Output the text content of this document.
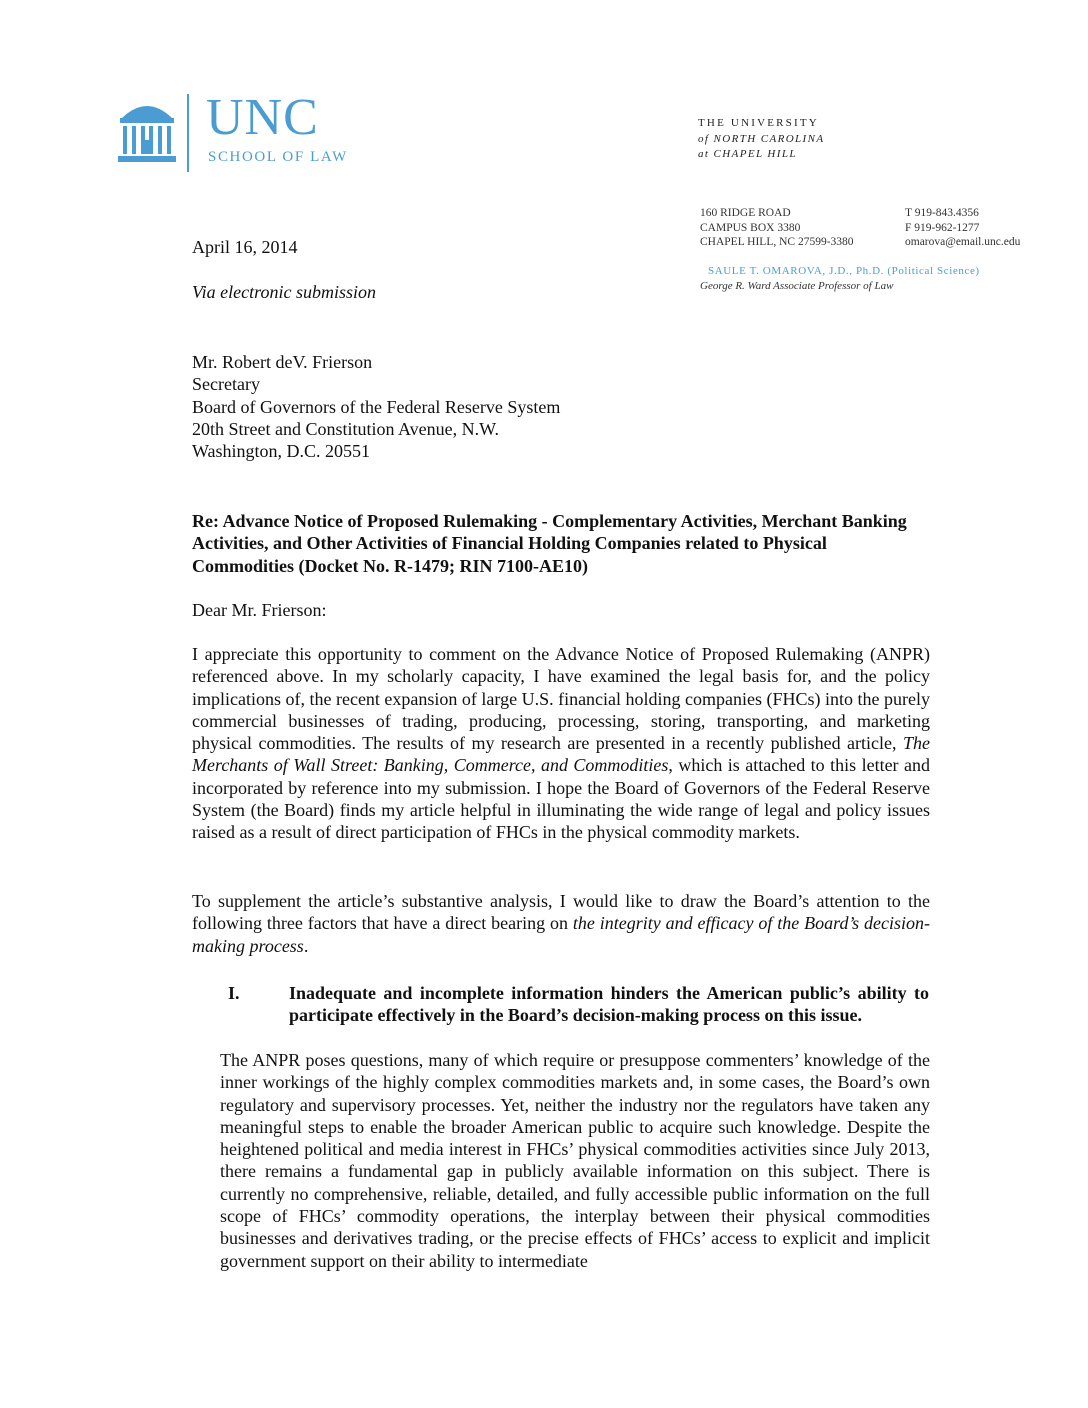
UNC
SCHOOL OF LAW
THE UNIVERSITY
of NORTH CAROLINA
at CHAPEL HILL
160 RIDGE ROAD
CAMPUS BOX 3380
CHAPEL HILL, NC 27599-3380
T 919-843.4356
F 919-962-1277
omarova@email.unc.edu
SAULE T. OMAROVA, J.D., Ph.D. (Political Science)
George R. Ward Associate Professor of Law
April 16, 2014
Via electronic submission
Mr. Robert deV. Frierson
Secretary
Board of Governors of the Federal Reserve System
20th Street and Constitution Avenue, N.W.
Washington, D.C. 20551
Re: Advance Notice of Proposed Rulemaking - Complementary Activities, Merchant Banking Activities, and Other Activities of Financial Holding Companies related to Physical Commodities (Docket No. R-1479; RIN 7100-AE10)
Dear Mr. Frierson:
I appreciate this opportunity to comment on the Advance Notice of Proposed Rulemaking (ANPR) referenced above. In my scholarly capacity, I have examined the legal basis for, and the policy implications of, the recent expansion of large U.S. financial holding companies (FHCs) into the purely commercial businesses of trading, producing, processing, storing, transporting, and marketing physical commodities. The results of my research are presented in a recently published article, The Merchants of Wall Street: Banking, Commerce, and Commodities, which is attached to this letter and incorporated by reference into my submission. I hope the Board of Governors of the Federal Reserve System (the Board) finds my article helpful in illuminating the wide range of legal and policy issues raised as a result of direct participation of FHCs in the physical commodity markets.
To supplement the article’s substantive analysis, I would like to draw the Board’s attention to the following three factors that have a direct bearing on the integrity and efficacy of the Board’s decision-making process.
I.	Inadequate and incomplete information hinders the American public’s ability to participate effectively in the Board’s decision-making process on this issue.
The ANPR poses questions, many of which require or presuppose commenters’ knowledge of the inner workings of the highly complex commodities markets and, in some cases, the Board’s own regulatory and supervisory processes. Yet, neither the industry nor the regulators have taken any meaningful steps to enable the broader American public to acquire such knowledge. Despite the heightened political and media interest in FHCs’ physical commodities activities since July 2013, there remains a fundamental gap in publicly available information on this subject. There is currently no comprehensive, reliable, detailed, and fully accessible public information on the full scope of FHCs’ commodity operations, the interplay between their physical commodities businesses and derivatives trading, or the precise effects of FHCs’ access to explicit and implicit government support on their ability to intermediate
